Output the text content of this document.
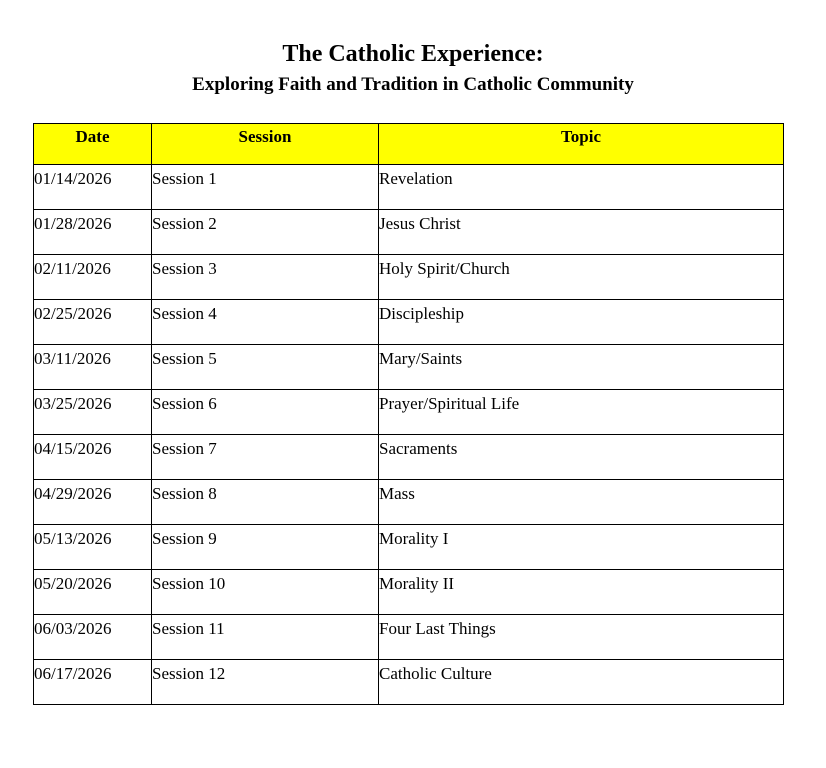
The Catholic Experience:
Exploring Faith and Tradition in Catholic Community
Date	Session	Topic
01/14/2026	Session 1	Revelation
01/28/2026	Session 2	Jesus Christ
02/11/2026	Session 3	Holy Spirit/Church
02/25/2026	Session 4	Discipleship
03/11/2026	Session 5	Mary/Saints
03/25/2026	Session 6	Prayer/Spiritual Life
04/15/2026	Session 7	Sacraments
04/29/2026	Session 8	Mass
05/13/2026	Session 9	Morality I
05/20/2026	Session 10	Morality II
06/03/2026	Session 11	Four Last Things
06/17/2026	Session 12	Catholic Culture
